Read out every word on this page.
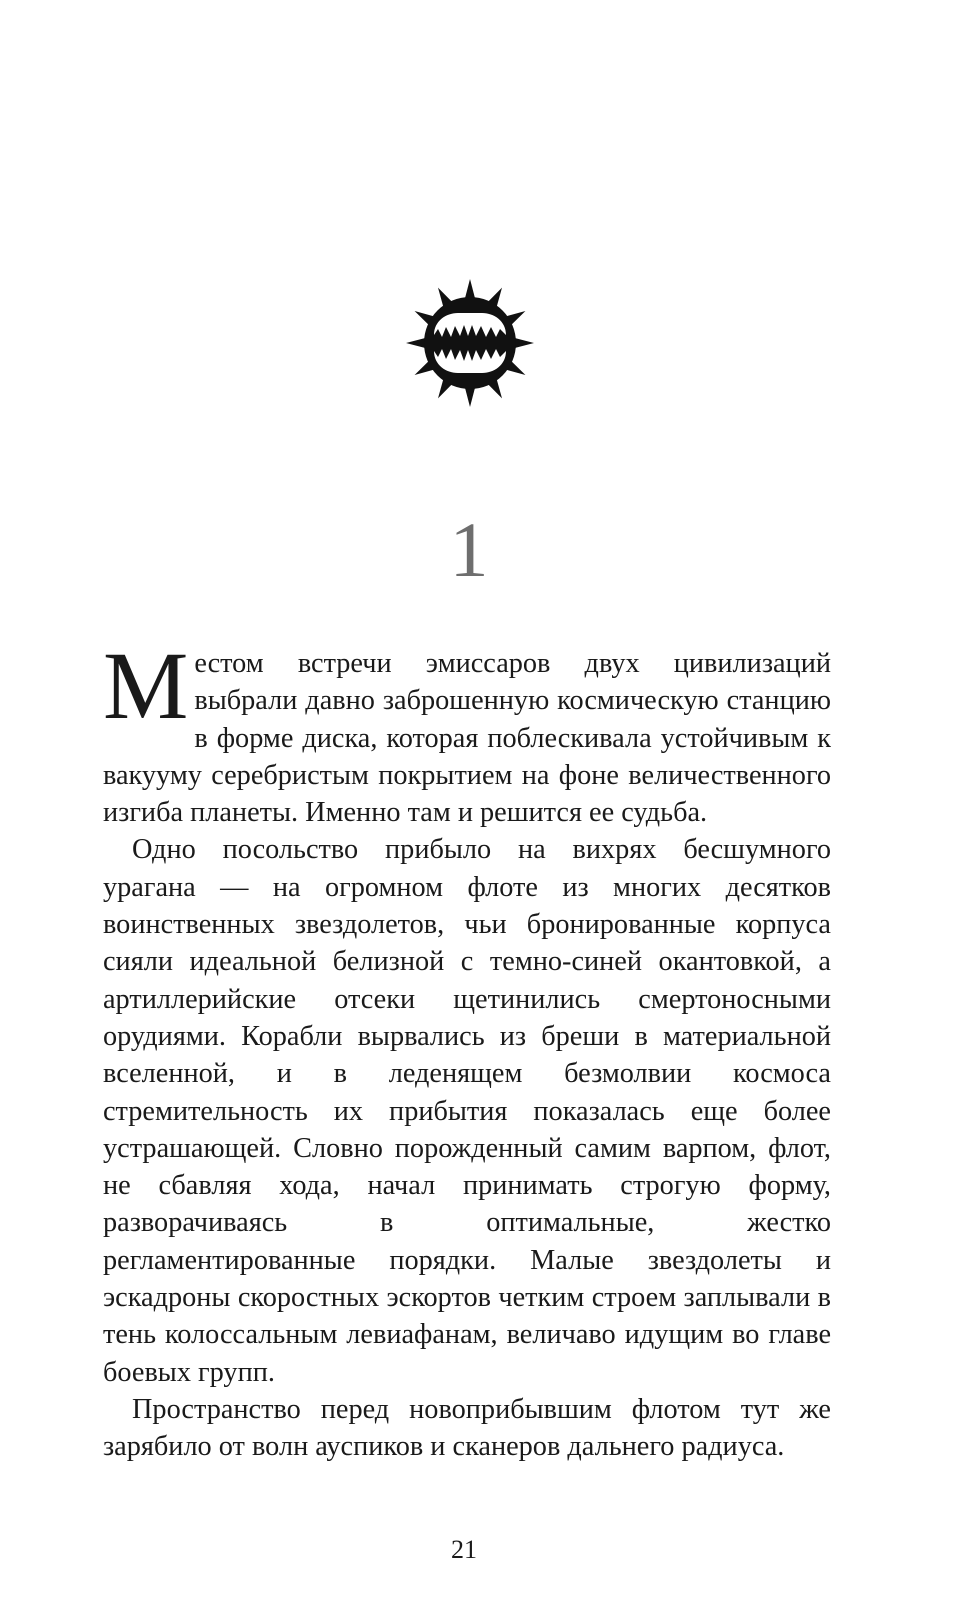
1

Местом встречи эмиссаров двух цивилизаций выбрали давно заброшенную космическую станцию в форме диска, которая поблескивала устойчивым к вакууму серебристым покрытием на фоне величественного изгиба планеты. Именно там и решится ее судьба.

Одно посольство прибыло на вихрях бесшумного урагана — на огромном флоте из многих десятков воинственных звездолетов, чьи бронированные корпуса сияли идеальной белизной с темно-синей окантовкой, а артиллерийские отсеки щетинились смертоносными орудиями. Корабли вырвались из бреши в материальной вселенной, и в леденящем безмолвии космоса стремительность их прибытия показалась еще более устрашающей. Словно порожденный самим варпом, флот, не сбавляя хода, начал принимать строгую форму, разворачиваясь в оптимальные, жестко регламентированные порядки. Малые звездолеты и эскадроны скоростных эскортов четким строем заплывали в тень колоссальным левиафанам, величаво идущим во главе боевых групп.

Пространство перед новоприбывшим флотом тут же зарябило от волн ауспиков и сканеров дальнего радиуса.

21
